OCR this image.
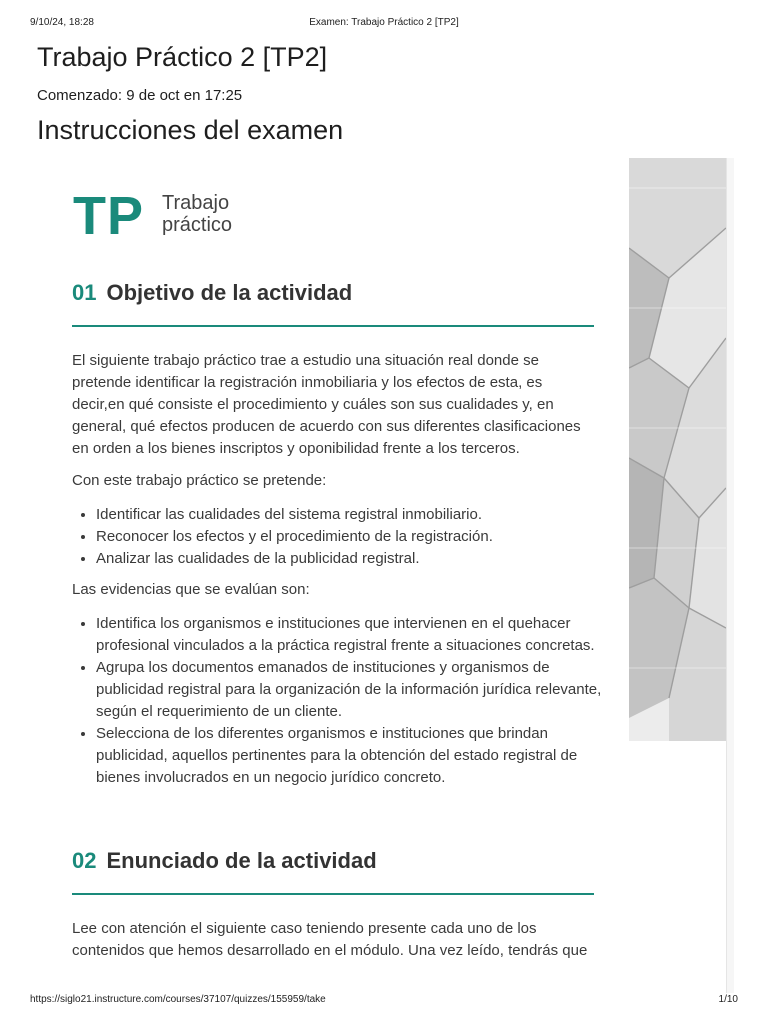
9/10/24, 18:28	Examen: Trabajo Práctico 2 [TP2]
Trabajo Práctico 2 [TP2]
Comenzado: 9 de oct en 17:25
Instrucciones del examen
TP Trabajo
práctico
01 Objetivo de la actividad

El siguiente trabajo práctico trae a estudio una situación real donde se pretende identificar la registración inmobiliaria y los efectos de esta, es decir,en qué consiste el procedimiento y cuáles son sus cualidades y, en general, qué efectos producen de acuerdo con sus diferentes clasificaciones en orden a los bienes inscriptos y oponibilidad frente a los terceros.

Con este trabajo práctico se pretende:

• Identificar las cualidades del sistema registral inmobiliario.
• Reconocer los efectos y el procedimiento de la registración.
• Analizar las cualidades de la publicidad registral.

Las evidencias que se evalúan son:

• Identifica los organismos e instituciones que intervienen en el quehacer profesional vinculados a la práctica registral frente a situaciones concretas.
• Agrupa los documentos emanados de instituciones y organismos de publicidad registral para la organización de la información jurídica relevante, según el requerimiento de un cliente.
• Selecciona de los diferentes organismos e instituciones que brindan publicidad, aquellos pertinentes para la obtención del estado registral de bienes involucrados en un negocio jurídico concreto.
02 Enunciado de la actividad

Lee con atención el siguiente caso teniendo presente cada uno de los contenidos que hemos desarrollado en el módulo. Una vez leído, tendrás que

https://siglo21.instructure.com/courses/37107/quizzes/155959/take	1/10
